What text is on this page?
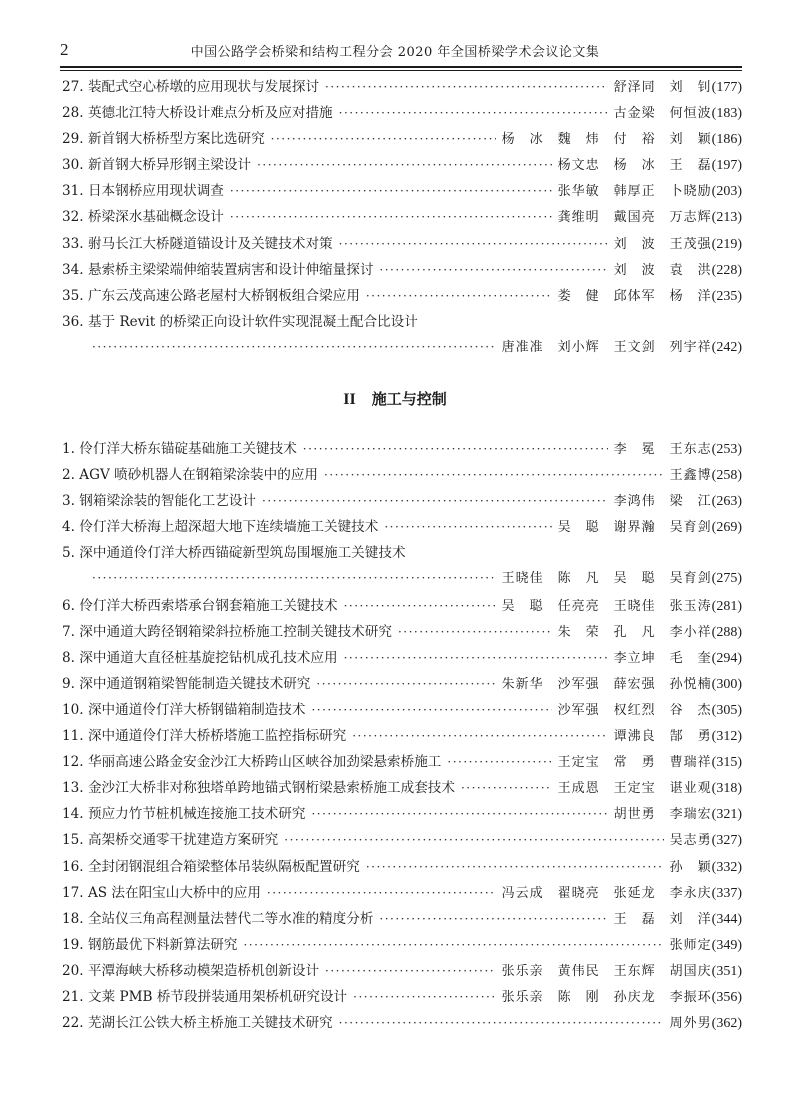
2	中国公路学会桥梁和结构工程分会 2020 年全国桥梁学术会议论文集
27. 装配式空心桥墩的应用现状与发展探讨 ·····	舒泽同　刘　钊 (177)
28. 英德北江特大桥设计难点分析及应对措施 ·····	古金梁　何恒波 (183)
29. 新首钢大桥桥型方案比选研究 ·····	杨　冰　魏　炜　付　裕　刘　颖 (186)
30. 新首钢大桥异形钢主梁设计 ·····	杨文忠　杨　冰　王　磊 (197)
31. 日本钢桥应用现状调查 ·····	张华敏　韩厚正　卜晓励 (203)
32. 桥梁深水基础概念设计 ·····	龚维明　戴国亮　万志辉 (213)
33. 驸马长江大桥隧道锚设计及关键技术对策 ·····	刘　波　王茂强 (219)
34. 悬索桥主梁梁端伸缩装置病害和设计伸缩量探讨 ·····	刘　波　袁　洪 (228)
35. 广东云茂高速公路老屋村大桥钢板组合梁应用 ·····	娄　健　邱体军　杨　洋 (235)
36. 基于 Revit 的桥梁正向设计软件实现混凝土配合比设计
·····
唐准准　刘小辉　王文剑　列宇祥 (242)
II 施工与控制
1. 伶仃洋大桥东锚碇基础施工关键技术 ·····	李　冕　王东志 (253)
2. AGV 喷砂机器人在钢箱梁涂装中的应用 ·····	王鑫博 (258)
3. 钢箱梁涂装的智能化工艺设计 ·····	李鸿伟　梁　江 (263)
4. 伶仃洋大桥海上超深超大地下连续墙施工关键技术 ·····	吴　聪　谢界瀚　吴育剑 (269)
5. 深中通道伶仃洋大桥西锚碇新型筑岛围堰施工关键技术
·····
王晓佳　陈　凡　吴　聪　吴育剑 (275)
6. 伶仃洋大桥西索塔承台钢套箱施工关键技术 ·····	吴　聪　任亮亮　王晓佳　张玉涛 (281)
7. 深中通道大跨径钢箱梁斜拉桥施工控制关键技术研究 ·····	朱　荣　孔　凡　李小祥 (288)
8. 深中通道大直径桩基旋挖钻机成孔技术应用 ·····	李立坤　毛　奎 (294)
9. 深中通道钢箱梁智能制造关键技术研究 ·····	朱新华　沙军强　薛宏强　孙悦楠 (300)
10. 深中通道伶仃洋大桥钢锚箱制造技术 ·····	沙军强　权红烈　谷　杰 (305)
11. 深中通道伶仃洋大桥桥塔施工监控指标研究 ·····	谭沸良　郜　勇 (312)
12. 华丽高速公路金安金沙江大桥跨山区峡谷加劲梁悬索桥施工 ·····	王定宝　常　勇　曹瑞祥 (315)
13. 金沙江大桥非对称独塔单跨地锚式钢桁梁悬索桥施工成套技术 ·····	王成恩　王定宝　谌业观 (318)
14. 预应力竹节桩机械连接施工技术研究 ·····	胡世勇　李瑞宏 (321)
15. 高架桥交通零干扰建造方案研究 ·····	吴志勇 (327)
16. 全封闭钢混组合箱梁整体吊装纵隔板配置研究 ·····	孙　颖 (332)
17. AS 法在阳宝山大桥中的应用 ·····	冯云成　翟晓亮　张延龙　李永庆 (337)
18. 全站仪三角高程测量法替代二等水准的精度分析 ·····	王　磊　刘　洋 (344)
19. 钢筋最优下料新算法研究 ·····	张师定 (349)
20. 平潭海峡大桥移动模架造桥机创新设计 ·····	张乐亲　黄伟民　王东辉　胡国庆 (351)
21. 文莱 PMB 桥节段拼装通用架桥机研究设计 ·····	张乐亲　陈　刚　孙庆龙　李振环 (356)
22. 芜湖长江公铁大桥主桥施工关键技术研究 ·····	周外男 (362)
